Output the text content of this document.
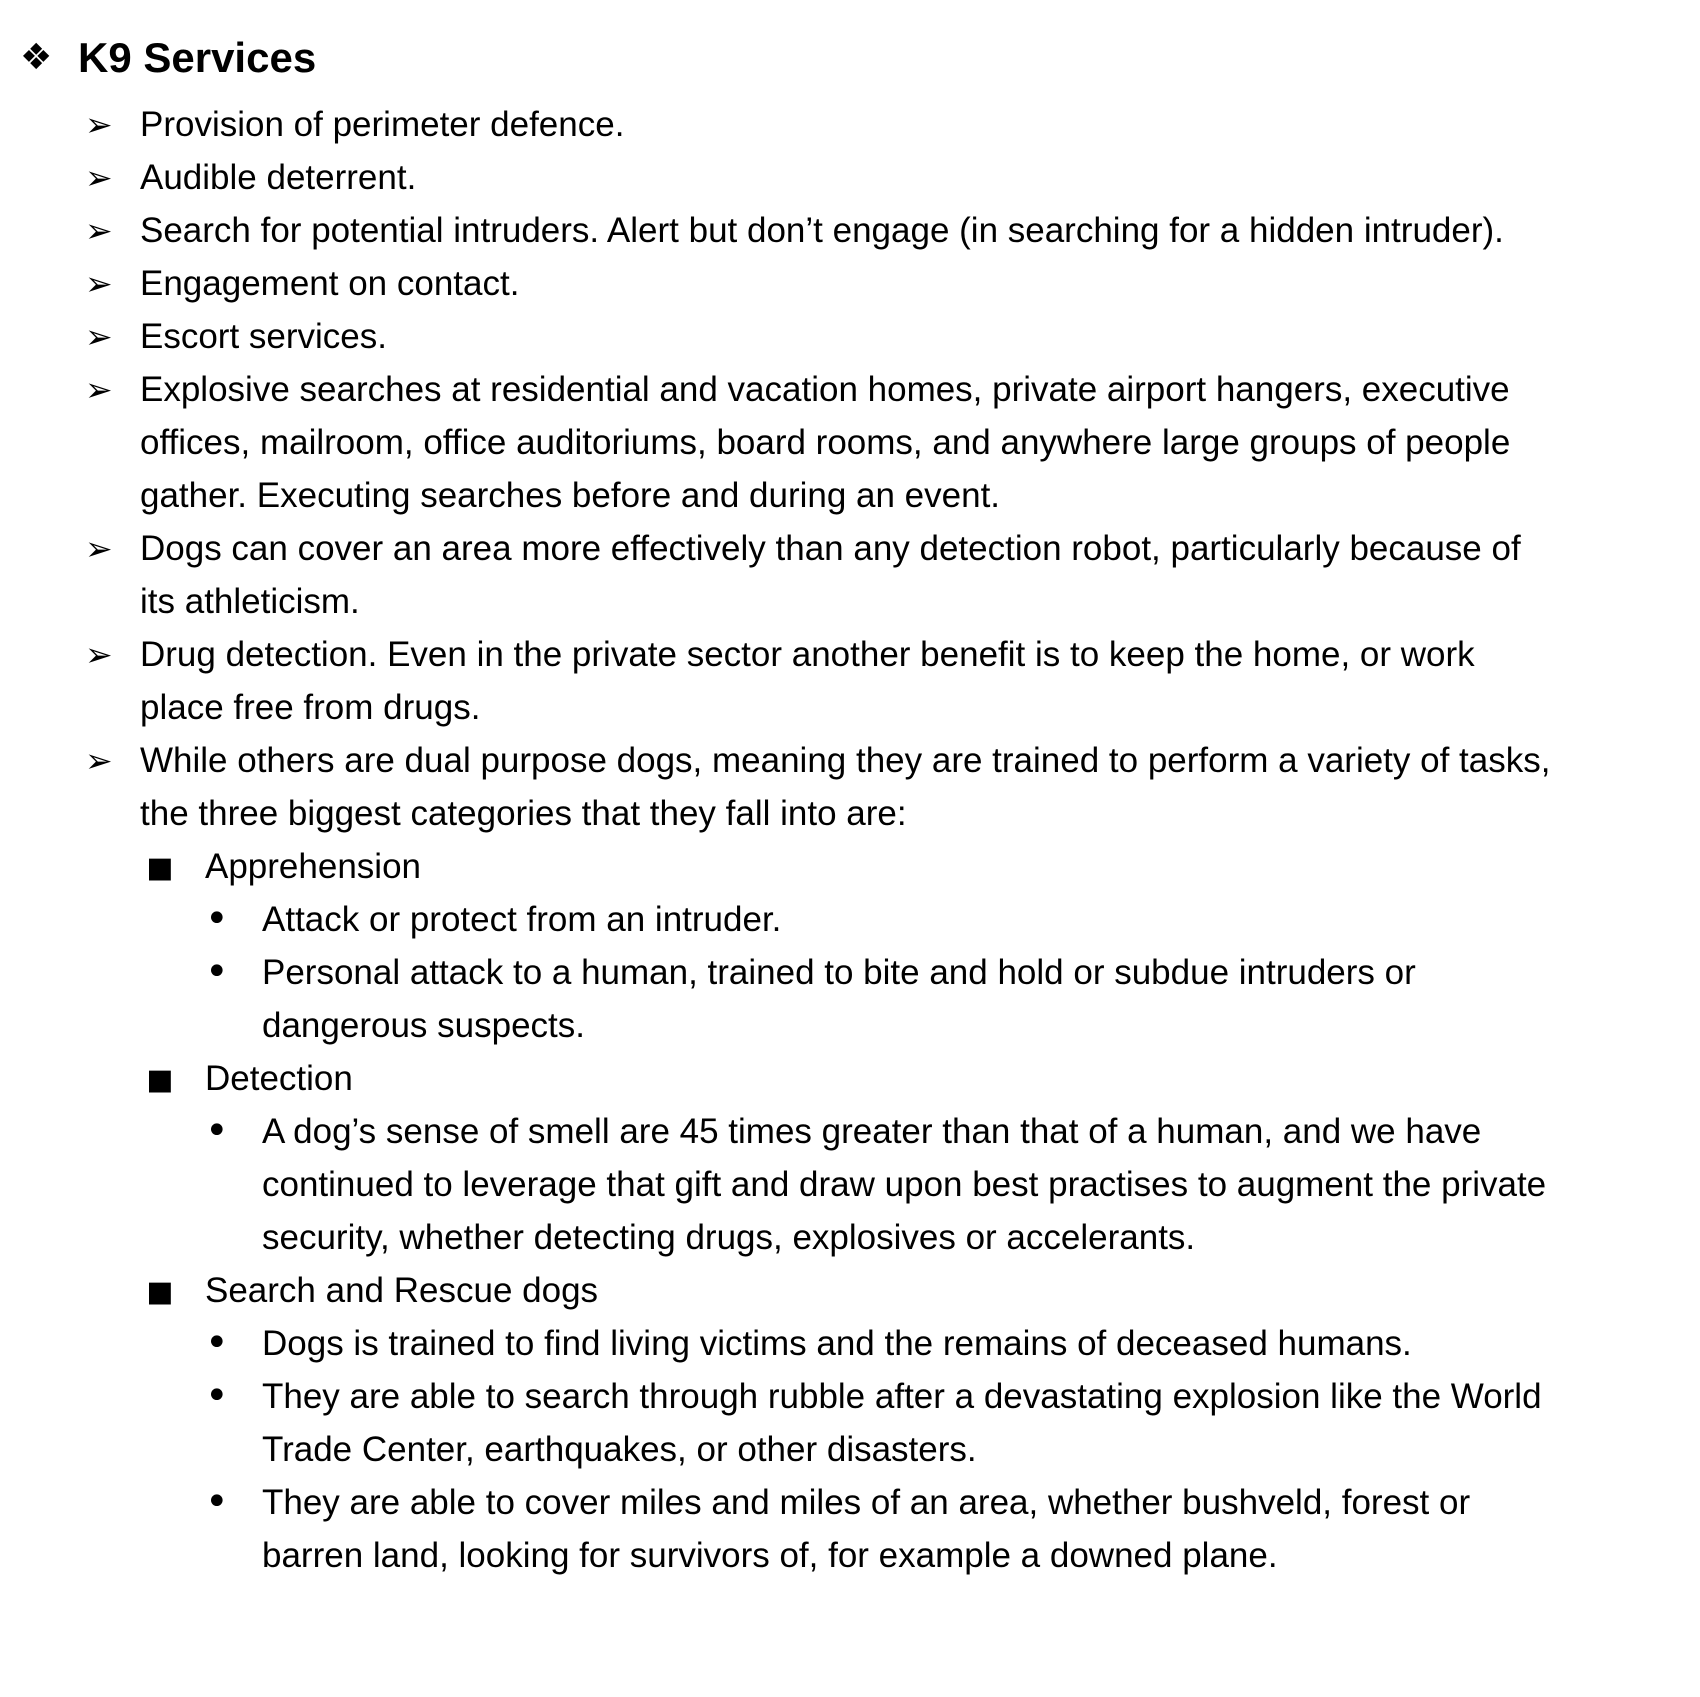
❖ K9 Services
➢ Provision of perimeter defence.
➢ Audible deterrent.
➢ Search for potential intruders. Alert but don’t engage (in searching for a hidden intruder).
➢ Engagement on contact.
➢ Escort services.
➢ Explosive searches at residential and vacation homes, private airport hangers, executive offices, mailroom, office auditoriums, board rooms, and anywhere large groups of people gather. Executing searches before and during an event.
➢ Dogs can cover an area more effectively than any detection robot, particularly because of its athleticism.
➢ Drug detection. Even in the private sector another benefit is to keep the home, or work place free from drugs.
➢ While others are dual purpose dogs, meaning they are trained to perform a variety of tasks, the three biggest categories that they fall into are:
▪ Apprehension
• Attack or protect from an intruder.
• Personal attack to a human, trained to bite and hold or subdue intruders or dangerous suspects.
▪ Detection
• A dog’s sense of smell are 45 times greater than that of a human, and we have continued to leverage that gift and draw upon best practises to augment the private security, whether detecting drugs, explosives or accelerants.
▪ Search and Rescue dogs
• Dogs is trained to find living victims and the remains of deceased humans.
• They are able to search through rubble after a devastating explosion like the World Trade Center, earthquakes, or other disasters.
• They are able to cover miles and miles of an area, whether bushveld, forest or barren land, looking for survivors of, for example a downed plane.
